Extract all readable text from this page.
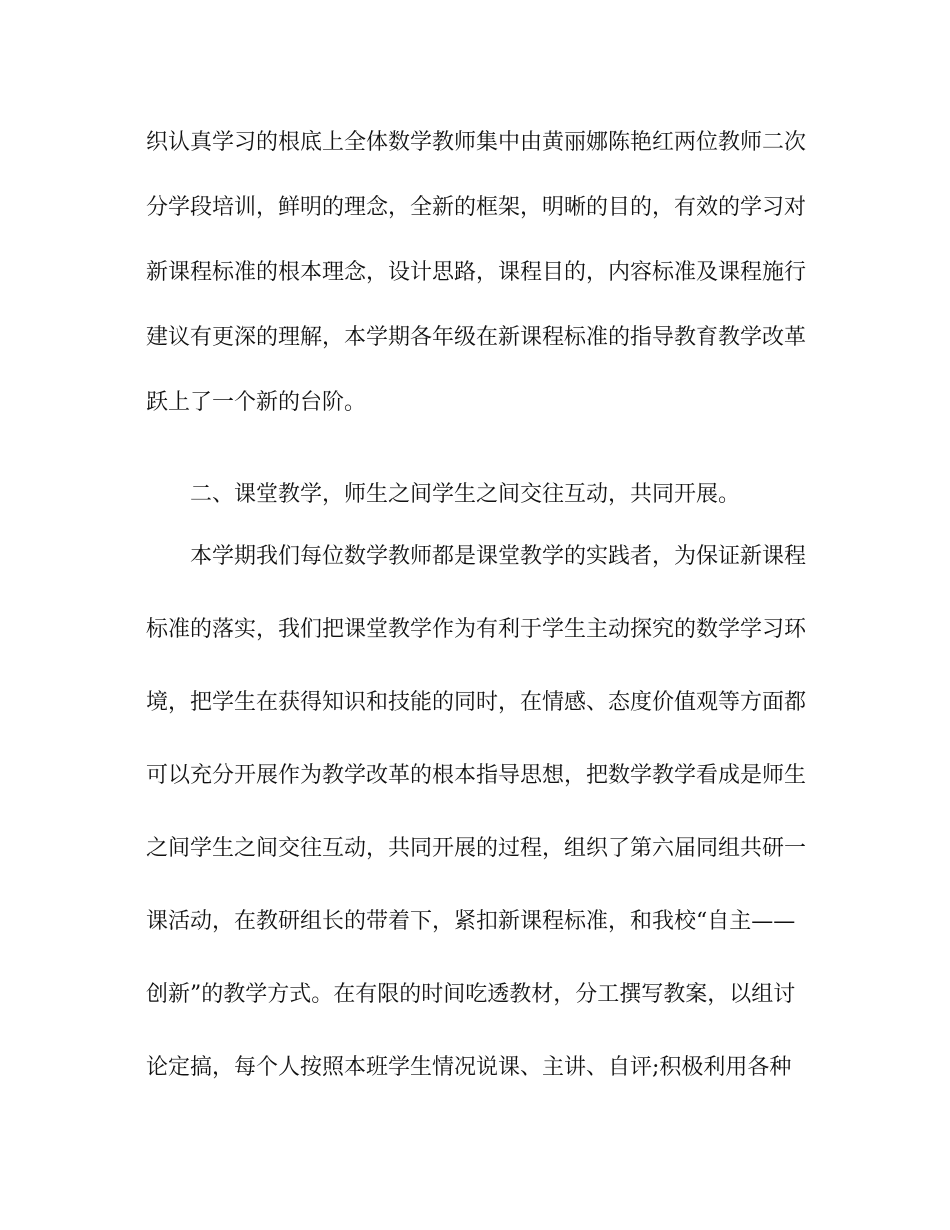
织认真学习的根底上全体数学教师集中由黄丽娜陈艳红两位教师二次
分学段培训，鲜明的理念，全新的框架，明晰的目的，有效的学习对
新课程标准的根本理念，设计思路，课程目的，内容标准及课程施行
建议有更深的理解，本学期各年级在新课程标准的指导教育教学改革
跃上了一个新的台阶。
二、课堂教学，师生之间学生之间交往互动，共同开展。
本学期我们每位数学教师都是课堂教学的实践者，为保证新课程
标准的落实，我们把课堂教学作为有利于学生主动探究的数学学习环
境，把学生在获得知识和技能的同时，在情感、态度价值观等方面都
可以充分开展作为教学改革的根本指导思想，把数学教学看成是师生
之间学生之间交往互动，共同开展的过程，组织了第六届同组共研一
课活动，在教研组长的带着下，紧扣新课程标准，和我校“自主——
创新”的教学方式。在有限的时间吃透教材，分工撰写教案，以组讨
论定搞，每个人按照本班学生情况说课、主讲、自评;积极利用各种
